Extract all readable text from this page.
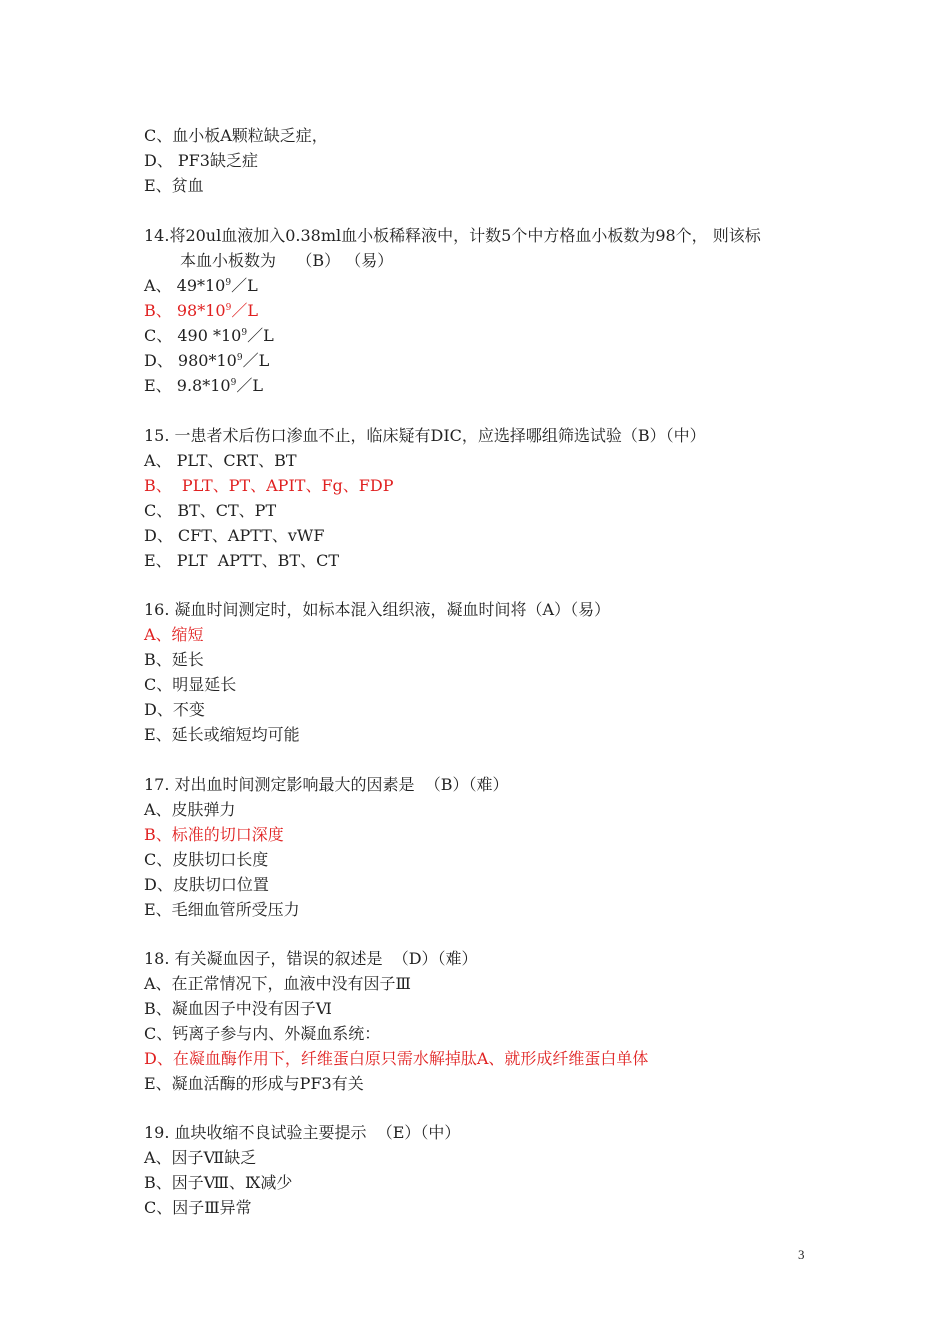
C、血小板A颗粒缺乏症，
D、 PF3缺乏症
E、贫血
14.将20ul血液加入0.38ml血小板稀释液中，计数5个中方格血小板数为98个， 则该标
本血小板数为    （B） （易）
A、 $49*10^9/L$
B、 $98*10^9/L$
C、 490 $*10^9/L$
D、 $980*10^9/L$
E、 $9.8*10^9/L$
15. 一患者术后伤口渗血不止，临床疑有DIC，应选择哪组筛选试验（B）（中）
A、 PLT、CRT、BT
B、  PLT、PT、APIT、Fg、FDP
C、 BT、CT、PT
D、 CFT、APTT、vWF
E、 PLT  APTT、BT、CT
16. 凝血时间测定时，如标本混入组织液，凝血时间将（A）（易）
A、缩短
B、延长
C、明显延长
D、不变
E、延长或缩短均可能
17. 对出血时间测定影响最大的因素是  （B）（难）
A、皮肤弹力
B、标准的切口深度
C、皮肤切口长度
D、皮肤切口位置
E、毛细血管所受压力
18. 有关凝血因子，错误的叙述是  （D）（难）
A、在正常情况下，血液中没有因子Ⅲ
B、凝血因子中没有因子Ⅵ
C、钙离子参与内、外凝血系统：
D、在凝血酶作用下，纤维蛋白原只需水解掉肽A、就形成纤维蛋白单体
E、凝血活酶的形成与PF3有关
19. 血块收缩不良试验主要提示  （E）（中）
A、因子Ⅶ缺乏
B、因子Ⅷ、Ⅸ减少
C、因子Ⅲ异常
3
